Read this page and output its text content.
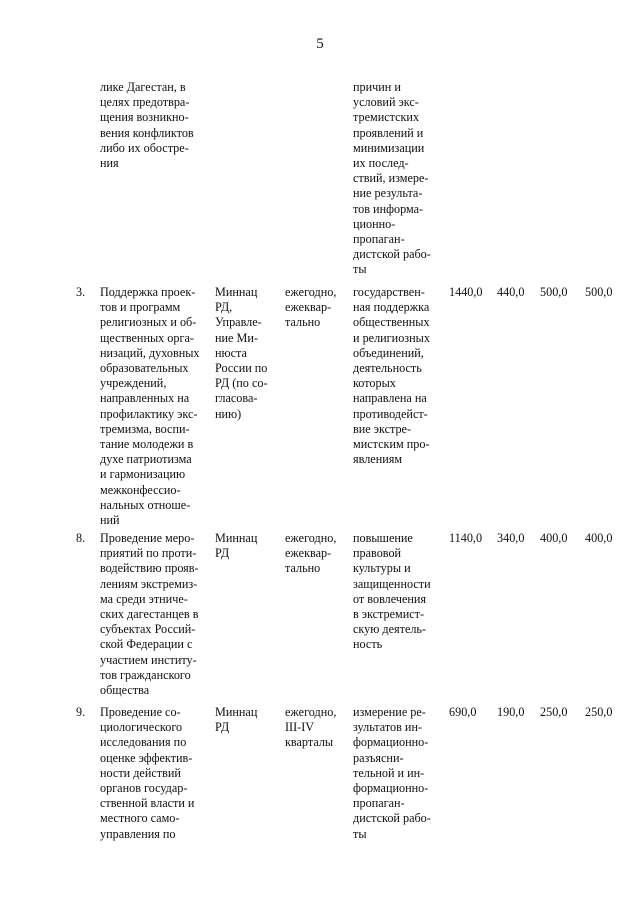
5
лике Дагестан, в
целях предотвра-
щения возникно-
вения конфликтов
либо их обостре-
ния
причин и
условий экс-
тремистских
проявлений и
минимизации
их послед-
ствий, измере-
ние результа-
тов информа-
ционно-
пропаган-
дистской рабо-
ты
3. Поддержка проек-
тов и программ
религиозных и об-
щественных орга-
низаций, духовных
образовательных
учреждений,
направленных на
профилактику экс-
тремизма, воспи-
тание молодежи в
духе патриотизма
и гармонизацию
межконфессио-
нальных отноше-
ний
Миннац
РД,
Управле-
ние Ми-
нюста
России по
РД (по со-
гласова-
нию)
ежегодно,
ежеквар-
тально
государствен-
ная поддержка
общественных
и религиозных
объединений,
деятельность
которых
направлена на
противодейст-
вие экстре-
мистским про-
явлениям
1440,0 440,0 500,0 500,0
8. Проведение меро-
приятий по проти-
водействию прояв-
лениям экстремиз-
ма среди этниче-
ских дагестанцев в
субъектах Россий-
ской Федерации с
участием институ-
тов гражданского
общества
Миннац
РД
ежегодно,
ежеквар-
тально
повышение
правовой
культуры и
защищенности
от вовлечения
в экстремист-
скую деятель-
ность
1140,0 340,0 400,0 400,0
9. Проведение со-
циологического
исследования по
оценке эффектив-
ности действий
органов государ-
ственной власти и
местного само-
управления по
Миннац
РД
ежегодно,
III-IV
кварталы
измерение ре-
зультатов ин-
формационно-
разъясни-
тельной и ин-
формационно-
пропаган-
дистской рабо-
ты
690,0 190,0 250,0 250,0
